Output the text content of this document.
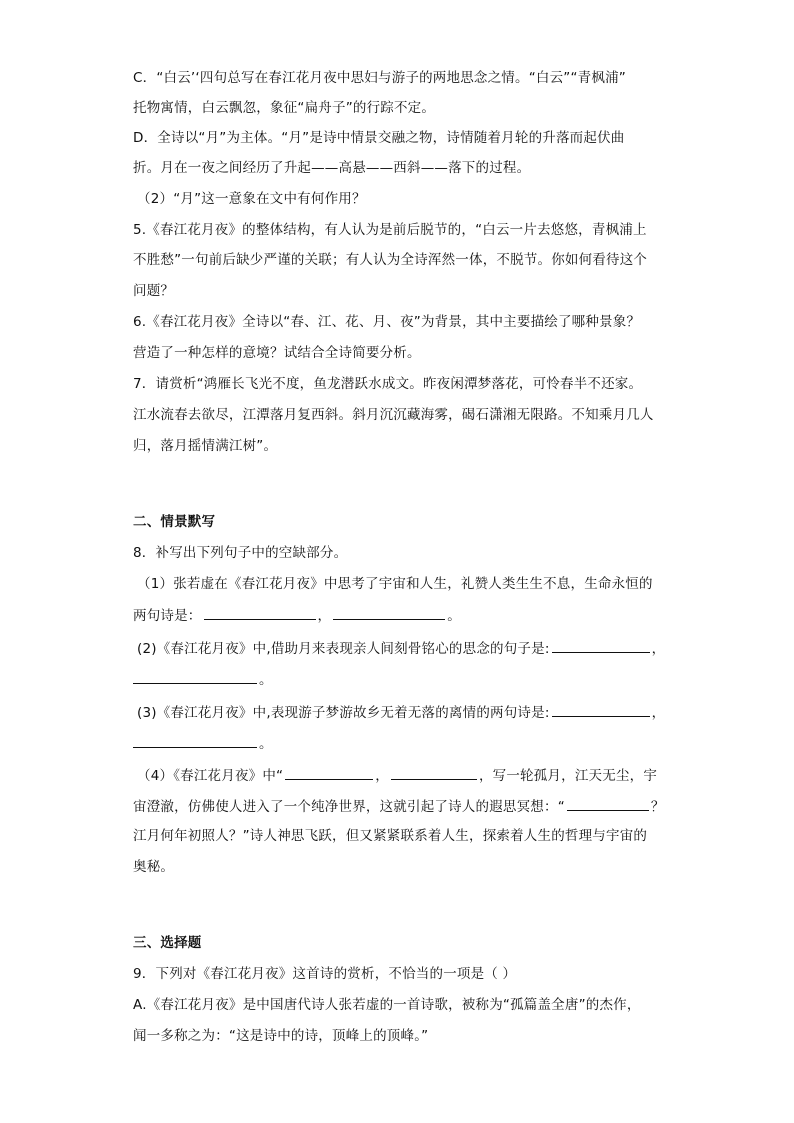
C．“白云’‘四句总写在春江花月夜中思妇与游子的两地思念之情。“白云”“青枫浦”
托物寓情，白云飘忽，象征“扁舟子”的行踪不定。
D．全诗以“月”为主体。“月”是诗中情景交融之物，诗情随着月轮的升落而起伏曲
折。月在一夜之间经历了升起——高悬——西斜——落下的过程。
（2）“月”这一意象在文中有何作用？
5.《春江花月夜》的整体结构，有人认为是前后脱节的，“白云一片去悠悠，青枫浦上
不胜愁”一句前后缺少严谨的关联；有人认为全诗浑然一体，不脱节。你如何看待这个
问题？
6.《春江花月夜》全诗以“春、江、花、月、夜”为背景，其中主要描绘了哪种景象？
营造了一种怎样的意境？试结合全诗简要分析。
7．请赏析“鸿雁长飞光不度，鱼龙潜跃水成文。昨夜闲潭梦落花，可怜春半不还家。
江水流春去欲尽，江潭落月复西斜。斜月沉沉藏海雾，碣石潇湘无限路。不知乘月几人
归，落月摇情满江树”。
二、情景默写
8．补写出下列句子中的空缺部分。
（1）张若虚在《春江花月夜》中思考了宇宙和人生，礼赞人类生生不息，生命永恒的
两句诗是：	，	。
(2)《春江花月夜》中,借助月来表现亲人间刻骨铭心的思念的句子是:	，
。
(3)《春江花月夜》中,表现游子梦游故乡无着无落的离情的两句诗是:	，
。
（4）《春江花月夜》中“	，	，写一轮孤月，江天无尘，宇
宙澄澈，仿佛使人进入了一个纯净世界，这就引起了诗人的遐思冥想：“	？
江月何年初照人？”诗人神思飞跃，但又紧紧联系着人生，探索着人生的哲理与宇宙的
奥秘。
三、选择题
9．下列对《春江花月夜》这首诗的赏析，不恰当的一项是（ ）
A.《春江花月夜》是中国唐代诗人张若虚的一首诗歌，被称为“孤篇盖全唐”的杰作，
闻一多称之为：“这是诗中的诗，顶峰上的顶峰。”
